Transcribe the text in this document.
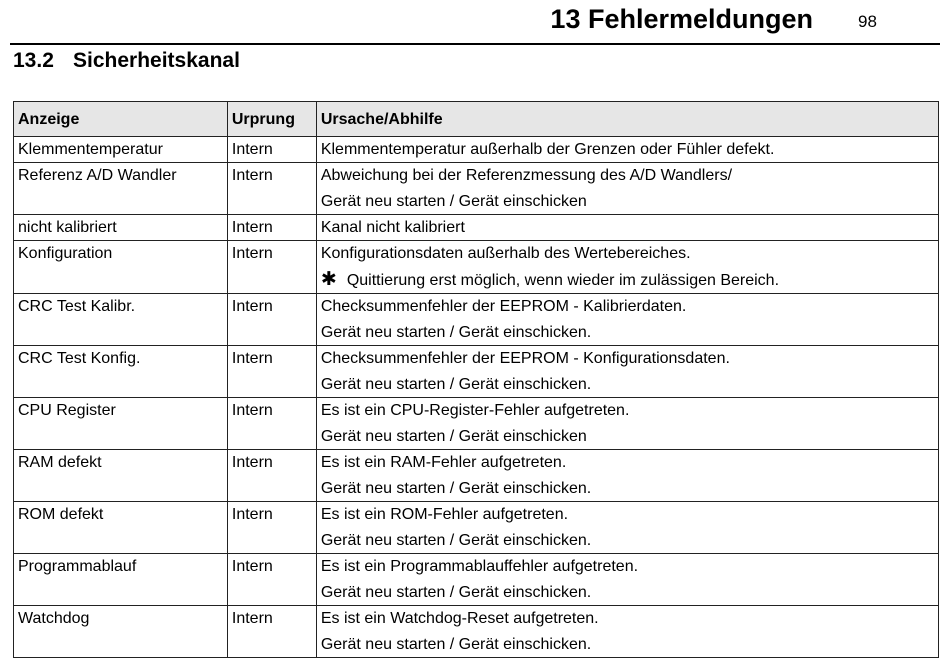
13 Fehlermeldungen	98
13.2 Sicherheitskanal
Anzeige	Urprung	Ursache/Abhilfe
Klemmentemperatur	Intern	Klemmentemperatur außerhalb der Grenzen oder Fühler defekt.

Referenz A/D Wandler	Intern	Abweichung bei der Referenzmessung des A/D Wandlers/
Gerät neu starten / Gerät einschicken

nicht kalibriert	Intern	Kanal nicht kalibriert

Konfiguration	Intern	Konfigurationsdaten außerhalb des Wertebereiches.
✱ Quittierung erst möglich, wenn wieder im zulässigen Bereich.

CRC Test Kalibr.	Intern	Checksummenfehler der EEPROM - Kalibrierdaten.
Gerät neu starten / Gerät einschicken.

CRC Test Konfig.	Intern	Checksummenfehler der EEPROM - Konfigurationsdaten.
Gerät neu starten / Gerät einschicken.

CPU Register	Intern	Es ist ein CPU-Register-Fehler aufgetreten.
Gerät neu starten / Gerät einschicken

RAM defekt	Intern	Es ist ein RAM-Fehler aufgetreten.
Gerät neu starten / Gerät einschicken.

ROM defekt	Intern	Es ist ein ROM-Fehler aufgetreten.
Gerät neu starten / Gerät einschicken.

Programmablauf	Intern	Es ist ein Programmablauffehler aufgetreten.
Gerät neu starten / Gerät einschicken.

Watchdog	Intern	Es ist ein Watchdog-Reset aufgetreten.
Gerät neu starten / Gerät einschicken.
